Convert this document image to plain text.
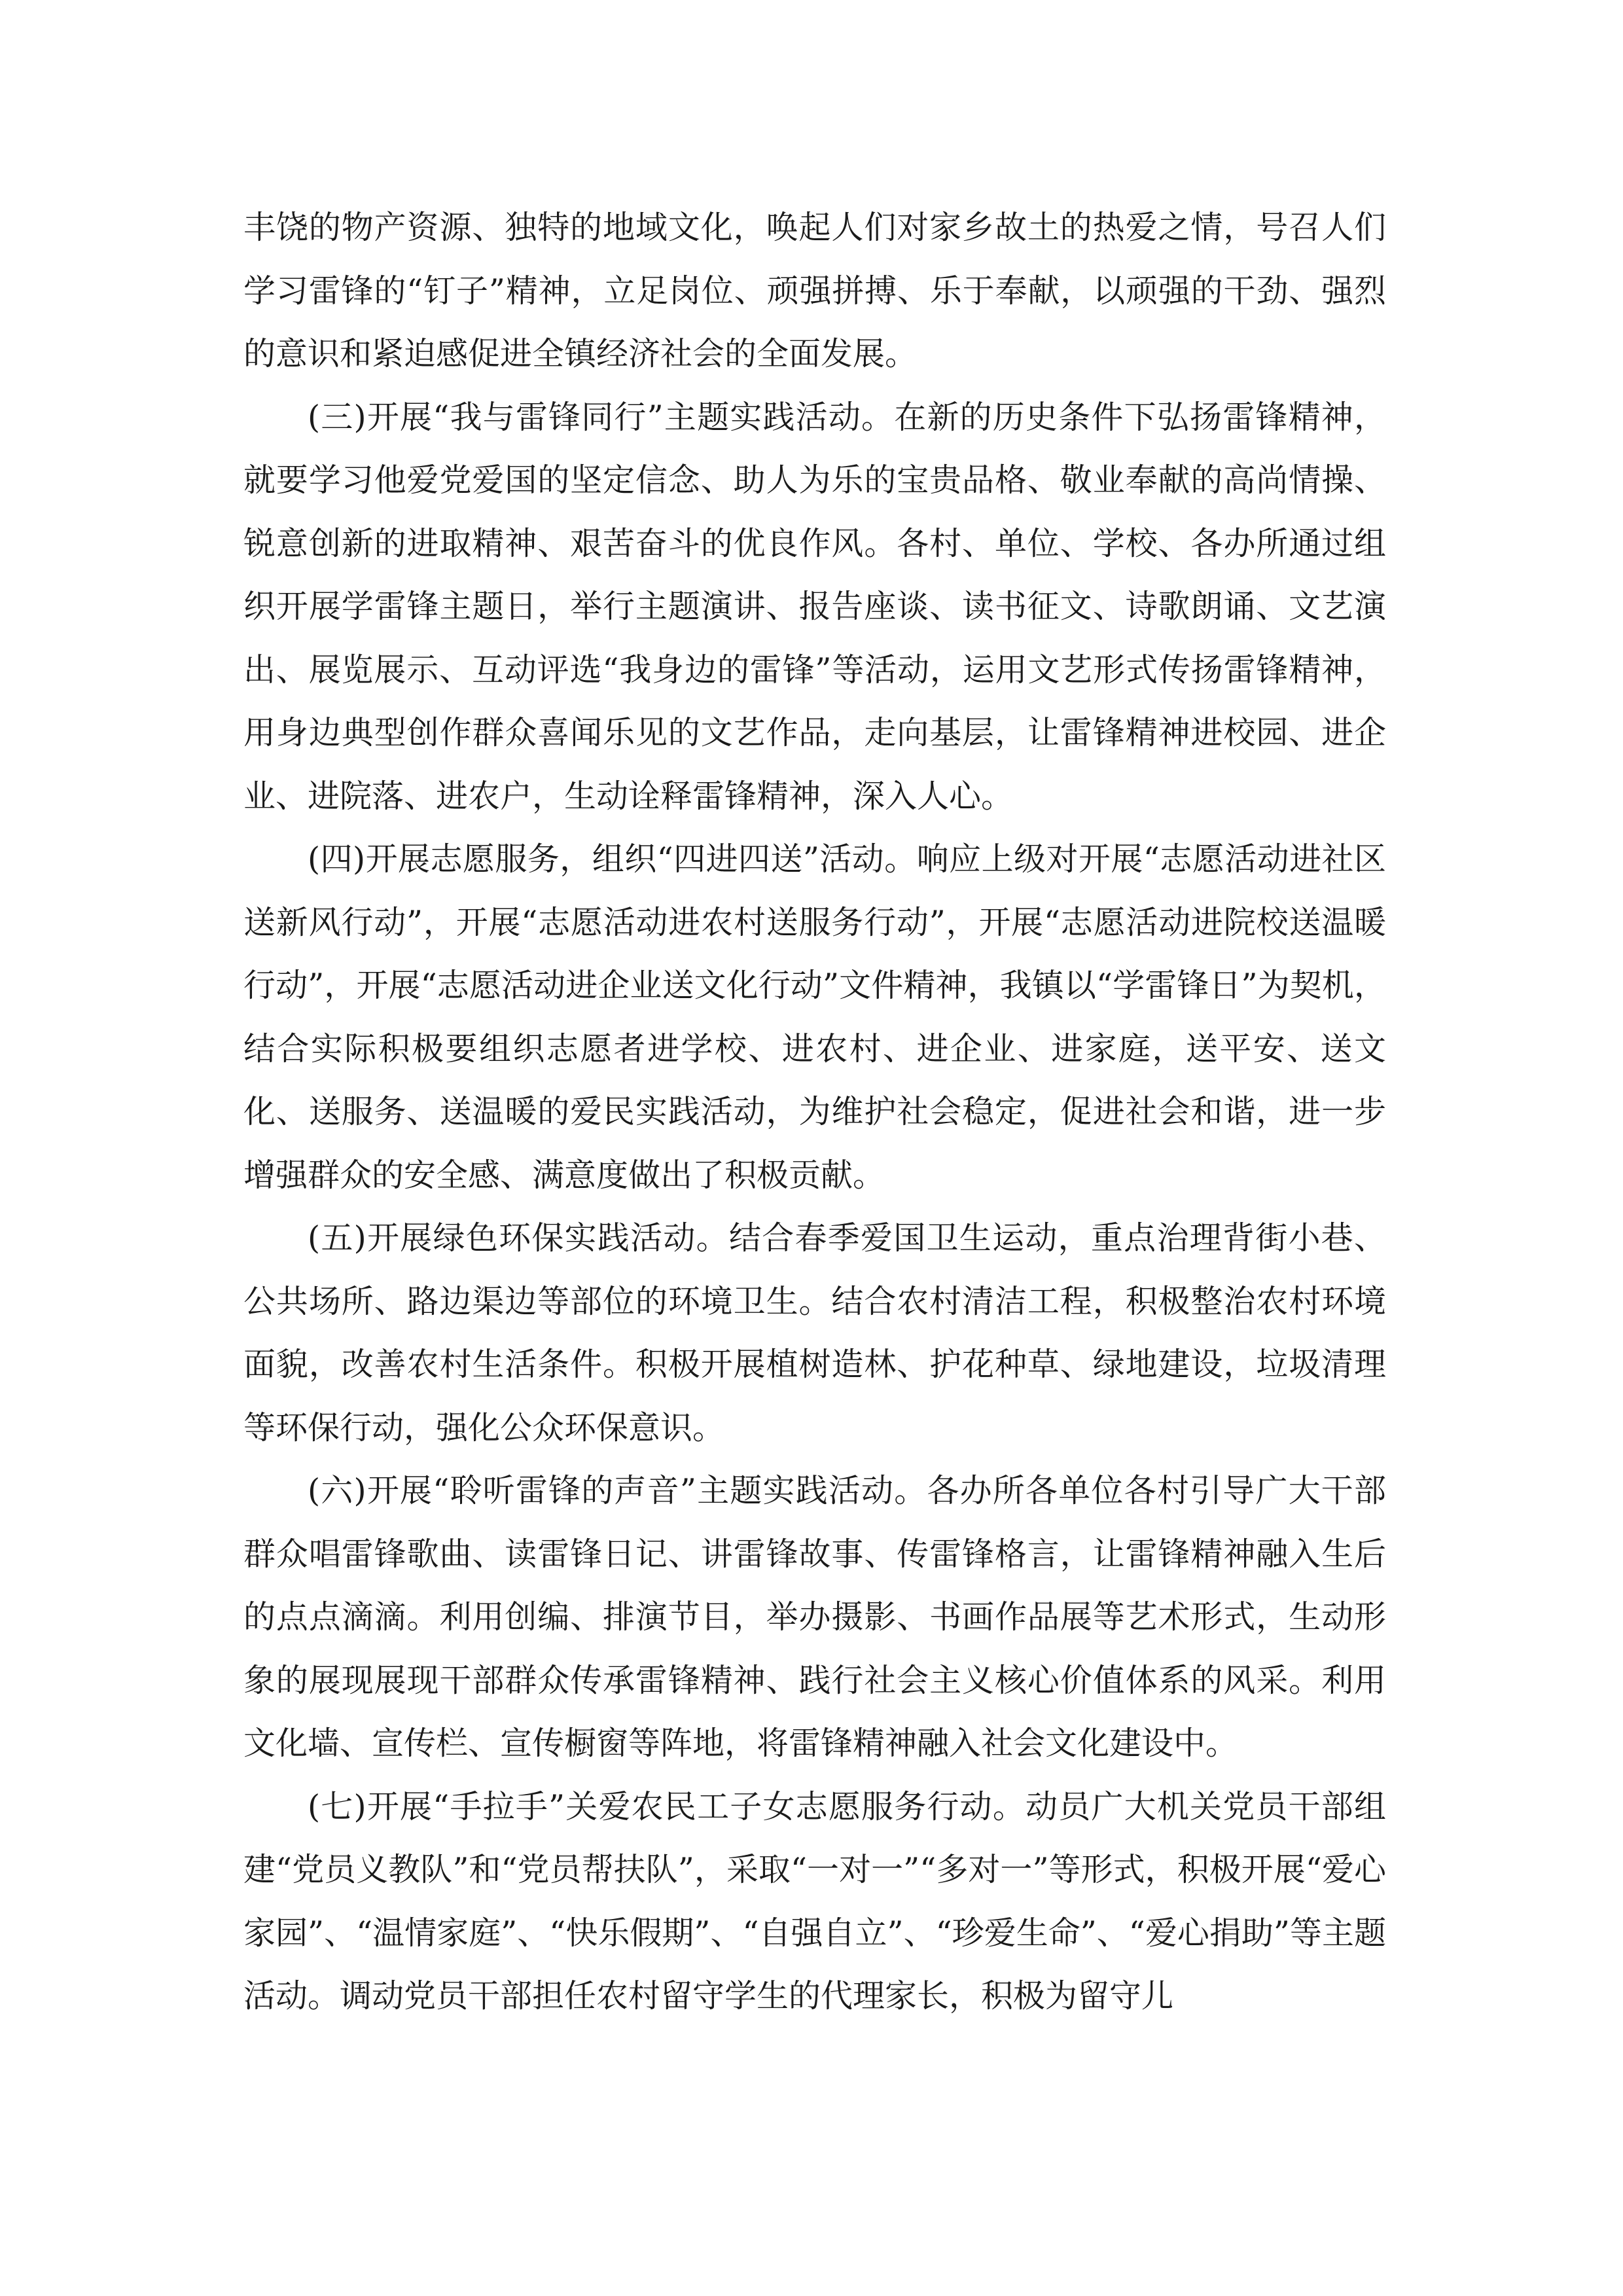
丰饶的物产资源、独特的地域文化，唤起人们对家乡故土的热爱之情，号召人们学习雷锋的“钉子”精神，立足岗位、顽强拼搏、乐于奉献，以顽强的干劲、强烈的意识和紧迫感促进全镇经济社会的全面发展。

(三)开展“我与雷锋同行”主题实践活动。在新的历史条件下弘扬雷锋精神，就要学习他爱党爱国的坚定信念、助人为乐的宝贵品格、敬业奉献的高尚情操、锐意创新的进取精神、艰苦奋斗的优良作风。各村、单位、学校、各办所通过组织开展学雷锋主题日，举行主题演讲、报告座谈、读书征文、诗歌朗诵、文艺演出、展览展示、互动评选“我身边的雷锋”等活动，运用文艺形式传扬雷锋精神，用身边典型创作群众喜闻乐见的文艺作品，走向基层，让雷锋精神进校园、进企业、进院落、进农户，生动诠释雷锋精神，深入人心。

(四)开展志愿服务，组织“四进四送”活动。响应上级对开展“志愿活动进社区送新风行动”，开展“志愿活动进农村送服务行动”，开展“志愿活动进院校送温暖行动”，开展“志愿活动进企业送文化行动”文件精神，我镇以“学雷锋日”为契机，结合实际积极要组织志愿者进学校、进农村、进企业、进家庭，送平安、送文化、送服务、送温暖的爱民实践活动，为维护社会稳定，促进社会和谐，进一步增强群众的安全感、满意度做出了积极贡献。

(五)开展绿色环保实践活动。结合春季爱国卫生运动，重点治理背街小巷、公共场所、路边渠边等部位的环境卫生。结合农村清洁工程，积极整治农村环境面貌，改善农村生活条件。积极开展植树造林、护花种草、绿地建设，垃圾清理等环保行动，强化公众环保意识。

(六)开展“聆听雷锋的声音”主题实践活动。各办所各单位各村引导广大干部群众唱雷锋歌曲、读雷锋日记、讲雷锋故事、传雷锋格言，让雷锋精神融入生后的点点滴滴。利用创编、排演节目，举办摄影、书画作品展等艺术形式，生动形象的展现展现干部群众传承雷锋精神、践行社会主义核心价值体系的风采。利用文化墙、宣传栏、宣传橱窗等阵地，将雷锋精神融入社会文化建设中。

(七)开展“手拉手”关爱农民工子女志愿服务行动。动员广大机关党员干部组建“党员义教队”和“党员帮扶队”，采取“一对一”“多对一”等形式，积极开展“爱心家园”、“温情家庭”、“快乐假期”、“自强自立”、“珍爱生命”、“爱心捐助”等主题活动。调动党员干部担任农村留守学生的代理家长，积极为留守儿
